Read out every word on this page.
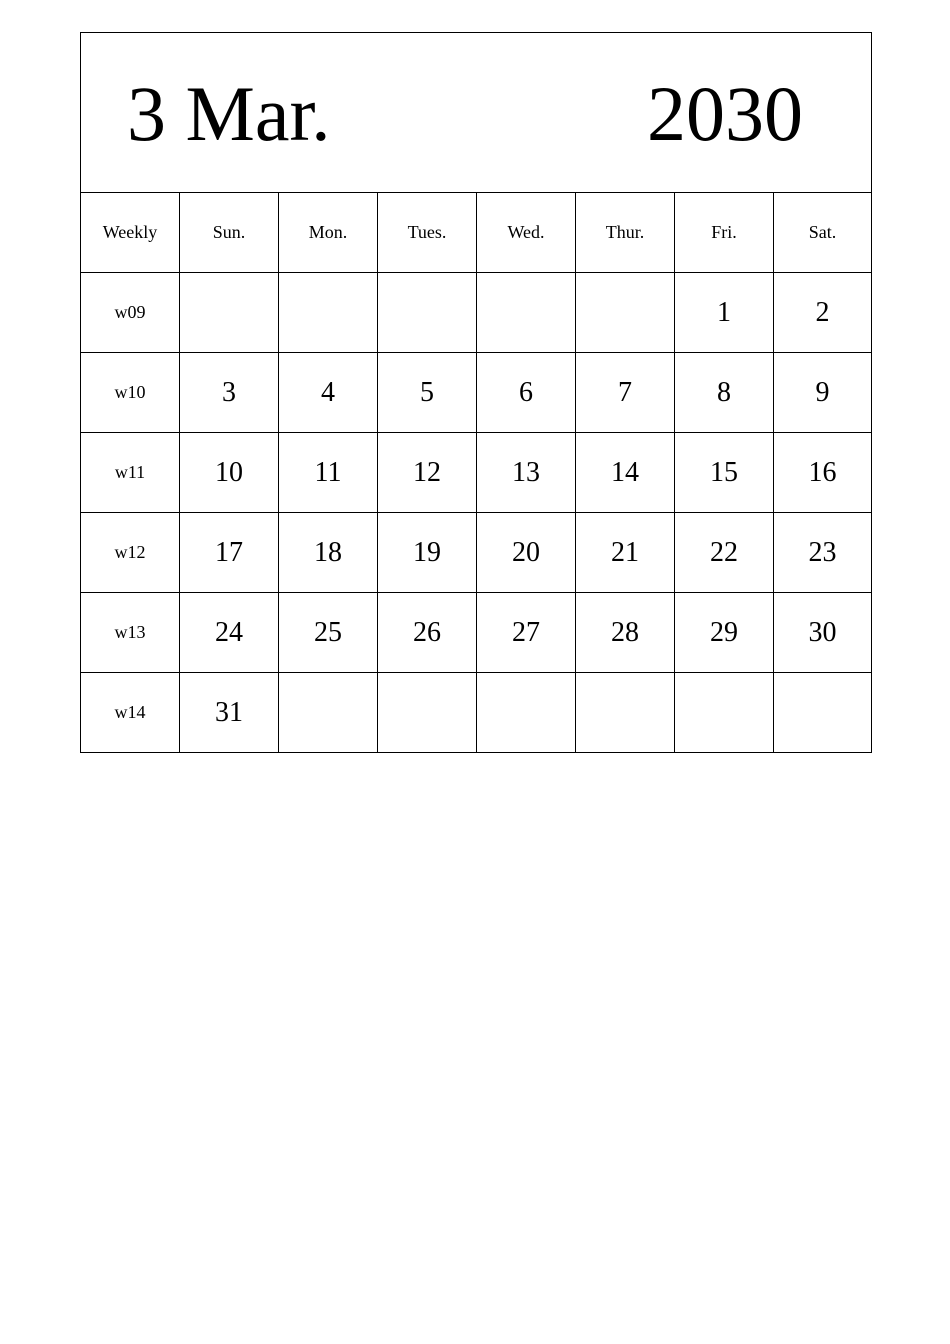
3 Mar. 2030							

Weekly	Sun.	Mon.	Tues.	Wed.	Thur.	Fri.	Sat.
w09						1	2
w10	3	4	5	6	7	8	9
w11	10	11	12	13	14	15	16
w12	17	18	19	20	21	22	23
w13	24	25	26	27	28	29	30
w14	31						
